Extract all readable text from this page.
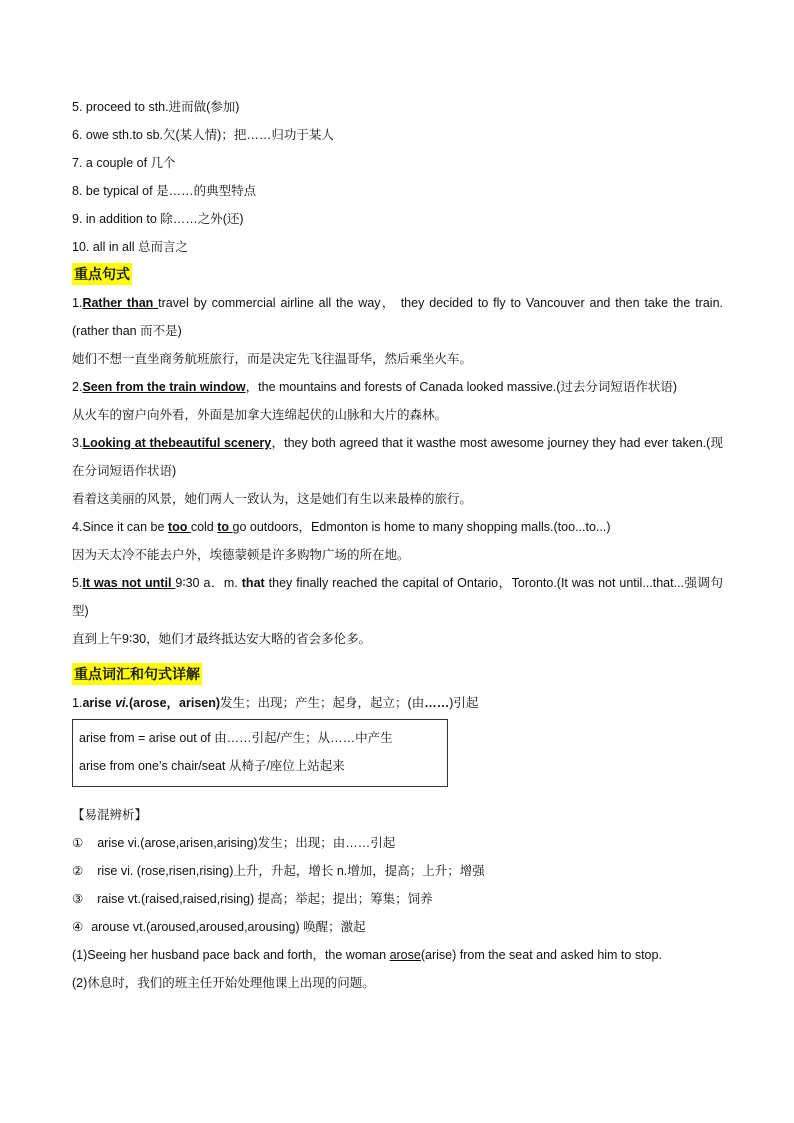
5. proceed to sth.进而做(参加)
6. owe sth.to sb.欠(某人情)；把……归功于某人
7. a couple of 几个
8. be typical of 是……的典型特点
9. in addition to 除……之外(还)
10. all in all 总而言之
重点句式
1.Rather than travel by commercial airline all the way， they decided to fly to Vancouver and then take the train.(rather than 而不是)
她们不想一直坐商务航班旅行，而是决定先飞往温哥华，然后乘坐火车。
2.Seen from the train window，the mountains and forests of Canada looked massive.(过去分词短语作状语)
从火车的窗户向外看，外面是加拿大连绵起伏的山脉和大片的森林。
3.Looking at thebeautiful scenery，they both agreed that it wasthe most awesome journey they had ever taken.(现在分词短语作状语)
看着这美丽的风景，她们两人一致认为，这是她们有生以来最棒的旅行。
4.Since it can be too cold to go outdoors，Edmonton is home to many shopping malls.(too...to...)
因为天太冷不能去户外，埃德蒙顿是许多购物广场的所在地。
5.It was not until 9∶30 a．m. that they finally reached the capital of Ontario，Toronto.(It was not until...that...强调句型)
直到上午9∶30，她们才最终抵达安大略的省会多伦多。
重点词汇和句式详解
1.arise vi.(arose，arisen)发生；出现；产生；起身，起立；(由……)引起
arise from = arise out of 由……引起/产生；从……中产生
arise from one’s chair/seat 从椅子/座位上站起来
【易混辨析】
① arise vi.(arose,arisen,arising)发生；出现；由……引起
② rise vi. (rose,risen,rising)上升，升起，增长 n.增加，提高；上升；增强
③ raise vt.(raised,raised,rising) 提高；举起；提出；筹集；饲养
④ arouse vt.(aroused,aroused,arousing) 唤醒；激起
(1)Seeing her husband pace back and forth，the woman arose(arise) from the seat and asked him to stop.
(2)休息时，我们的班主任开始处理他课上出现的问题。
